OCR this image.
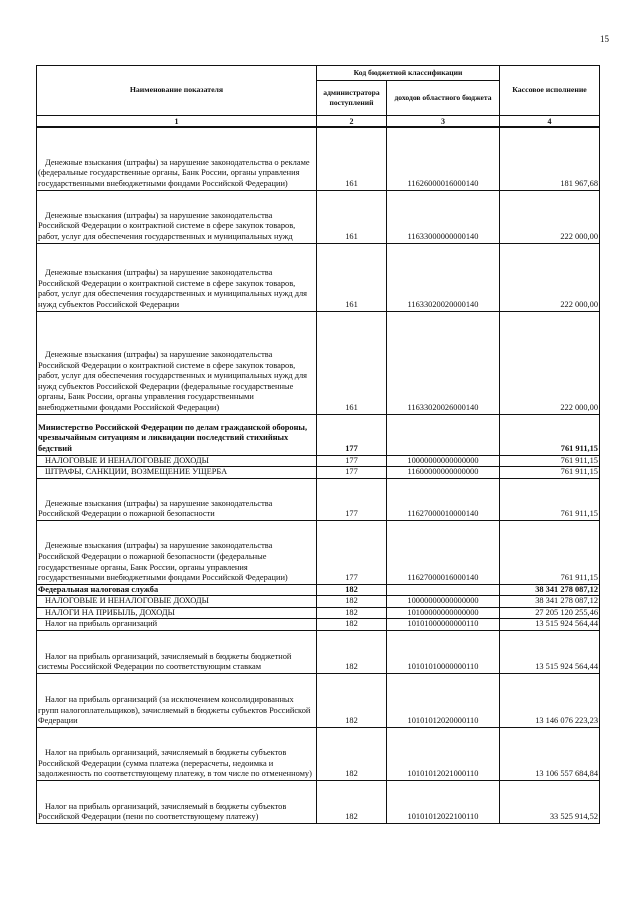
15
Наименование показателя	Код бюджетной классификации		Кассовое исполнение
	администратора поступлений	доходов областного бюджета	
1	2	3	4
Денежные взыскания (штрафы) за нарушение законодательства о рекламе (федеральные государственные органы, Банк России, органы управления государственными внебюджетными фондами Российской Федерации)	161	11626000016000140	181 967,68
Денежные взыскания (штрафы) за нарушение законодательства Российской Федерации о контрактной системе в сфере закупок товаров, работ, услуг для обеспечения государственных и муниципальных нужд	161	11633000000000140	222 000,00
Денежные взыскания (штрафы) за нарушение законодательства Российской Федерации о контрактной системе в сфере закупок товаров, работ, услуг для обеспечения государственных и муниципальных нужд для нужд субъектов Российской Федерации	161	11633020020000140	222 000,00
Денежные взыскания (штрафы) за нарушение законодательства Российской Федерации о контрактной системе в сфере закупок товаров, работ, услуг для обеспечения государственных и муниципальных нужд для нужд субъектов Российской Федерации (федеральные государственные органы, Банк России, органы управления государственными внебюджетными фондами Российской Федерации)	161	11633020026000140	222 000,00
Министерство Российской Федерации по делам гражданской обороны, чрезвычайным ситуациям и ликвидации последствий стихийных бедствий	177		761 911,15
НАЛОГОВЫЕ И НЕНАЛОГОВЫЕ ДОХОДЫ	177	10000000000000000	761 911,15
ШТРАФЫ, САНКЦИИ, ВОЗМЕЩЕНИЕ УЩЕРБА	177	11600000000000000	761 911,15
Денежные взыскания (штрафы) за нарушение законодательства Российской Федерации о пожарной безопасности	177	11627000010000140	761 911,15
Денежные взыскания (штрафы) за нарушение законодательства Российской Федерации о пожарной безопасности (федеральные государственные органы, Банк России, органы управления государственными внебюджетными фондами Российской Федерации)	177	11627000016000140	761 911,15
Федеральная налоговая служба	182		38 341 278 087,12
НАЛОГОВЫЕ И НЕНАЛОГОВЫЕ ДОХОДЫ	182	10000000000000000	38 341 278 087,12
НАЛОГИ НА ПРИБЫЛЬ, ДОХОДЫ	182	10100000000000000	27 205 120 255,46
Налог на прибыль организаций	182	10101000000000110	13 515 924 564,44
Налог на прибыль организаций, зачисляемый в бюджеты бюджетной системы Российской Федерации по соответствующим ставкам	182	10101010000000110	13 515 924 564,44
Налог на прибыль организаций (за исключением консолидированных групп налогоплательщиков), зачисляемый в бюджеты субъектов Российской Федерации	182	10101012020000110	13 146 076 223,23
Налог на прибыль организаций, зачисляемый в бюджеты субъектов Российской Федерации (сумма платежа (перерасчеты, недоимка и задолженность по соответствующему платежу, в том числе по отмененному)	182	10101012021000110	13 106 557 684,84
Налог на прибыль организаций, зачисляемый в бюджеты субъектов Российской Федерации (пени по соответствующему платежу)	182	10101012022100110	33 525 914,52
